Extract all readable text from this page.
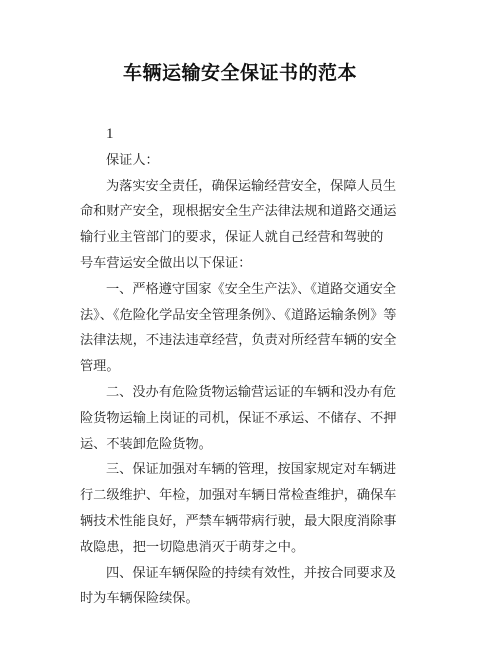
车辆运输安全保证书的范本
1
保证人：
为落实安全责任，确保运输经营安全，保障人员生
命和财产安全，现根据安全生产法律法规和道路交通运
输行业主管部门的要求，保证人就自己经营和驾驶的
号车营运安全做出以下保证：
一、严格遵守国家《安全生产法》、《道路交通安全
法》、《危险化学品安全管理条例》、《道路运输条例》等
法律法规，不违法违章经营，负责对所经营车辆的安全
管理。
二、没办有危险货物运输营运证的车辆和没办有危
险货物运输上岗证的司机，保证不承运、不储存、不押
运、不装卸危险货物。
三、保证加强对车辆的管理，按国家规定对车辆进
行二级维护、年检，加强对车辆日常检查维护，确保车
辆技术性能良好，严禁车辆带病行驶，最大限度消除事
故隐患，把一切隐患消灭于萌芽之中。
四、保证车辆保险的持续有效性，并按合同要求及
时为车辆保险续保。
